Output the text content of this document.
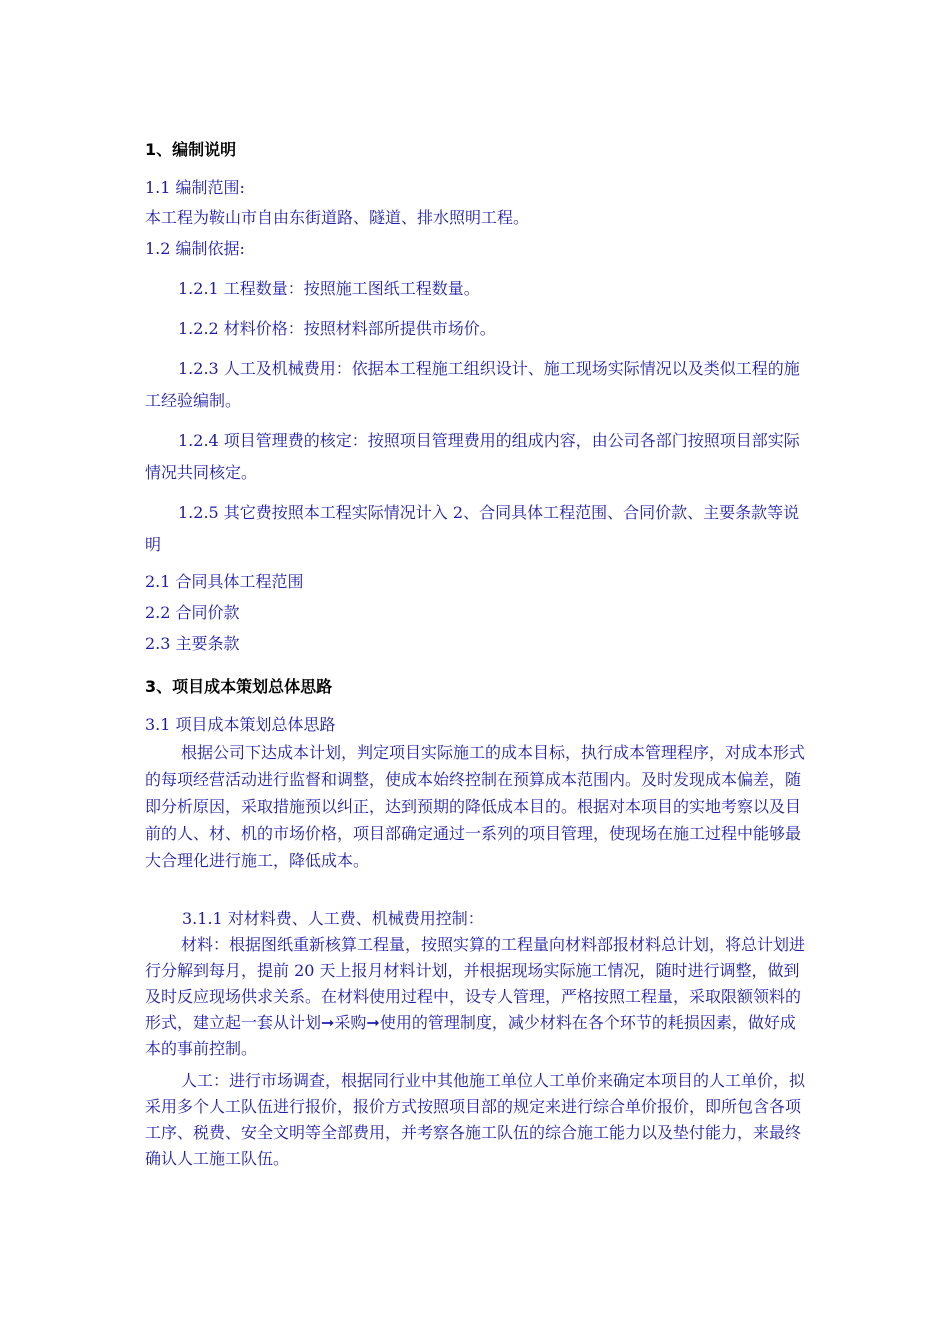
1、编制说明
1.1 编制范围:
本工程为鞍山市自由东街道路、隧道、排水照明工程。
1.2 编制依据:
1.2.1 工程数量：按照施工图纸工程数量。
1.2.2 材料价格：按照材料部所提供市场价。
1.2.3 人工及机械费用：依据本工程施工组织设计、施工现场实际情况以及类似工程的施工经验编制。
1.2.4 项目管理费的核定：按照项目管理费用的组成内容，由公司各部门按照项目部实际情况共同核定。
1.2.5 其它费按照本工程实际情况计入 2、合同具体工程范围、合同价款、主要条款等说明
2.1 合同具体工程范围
2.2 合同价款
2.3 主要条款
3、项目成本策划总体思路
3.1 项目成本策划总体思路
根据公司下达成本计划，判定项目实际施工的成本目标，执行成本管理程序，对成本形式的每项经营活动进行监督和调整，使成本始终控制在预算成本范围内。及时发现成本偏差，随即分析原因，采取措施预以纠正，达到预期的降低成本目的。根据对本项目的实地考察以及目前的人、材、机的市场价格，项目部确定通过一系列的项目管理，使现场在施工过程中能够最大合理化进行施工，降低成本。
3.1.1 对材料费、人工费、机械费用控制：
材料：根据图纸重新核算工程量，按照实算的工程量向材料部报材料总计划，将总计划进行分解到每月，提前 20 天上报月材料计划，并根据现场实际施工情况，随时进行调整，做到及时反应现场供求关系。在材料使用过程中，设专人管理，严格按照工程量，采取限额领料的形式，建立起一套从计划➞采购➞使用的管理制度，减少材料在各个环节的耗损因素，做好成本的事前控制。
人工：进行市场调查，根据同行业中其他施工单位人工单价来确定本项目的人工单价，拟采用多个人工队伍进行报价，报价方式按照项目部的规定来进行综合单价报价，即所包含各项工序、税费、安全文明等全部费用，并考察各施工队伍的综合施工能力以及垫付能力，来最终确认人工施工队伍。
